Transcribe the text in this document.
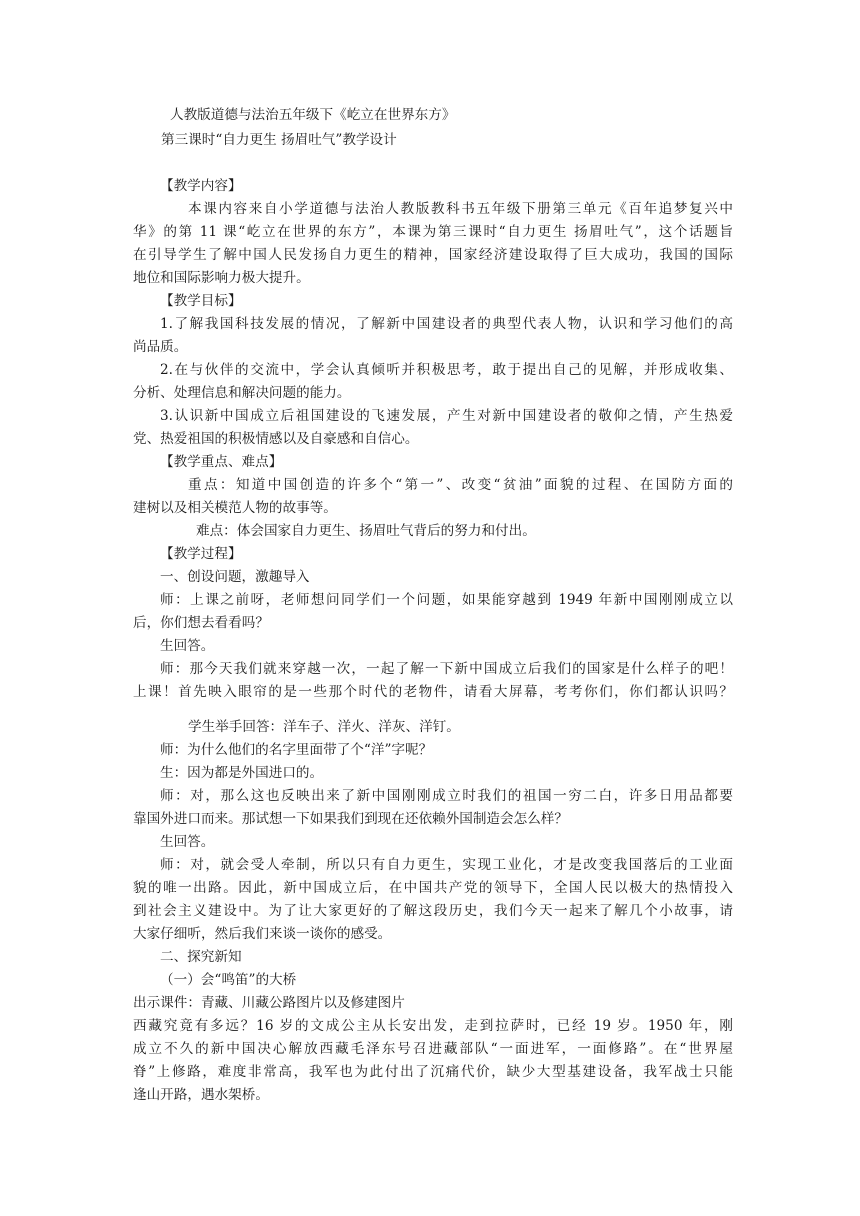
人教版道德与法治五年级下《屹立在世界东方》
第三课时“自力更生 扬眉吐气”教学设计
【教学内容】
本课内容来自小学道德与法治人教版教科书五年级下册第三单元《百年追梦复兴中
华》的第 11 课“屹立在世界的东方”，本课为第三课时“自力更生 扬眉吐气”，这个话题旨
在引导学生了解中国人民发扬自力更生的精神，国家经济建设取得了巨大成功，我国的国际
地位和国际影响力极大提升。
【教学目标】
1.了解我国科技发展的情况，了解新中国建设者的典型代表人物，认识和学习他们的高
尚品质。
2.在与伙伴的交流中，学会认真倾听并积极思考，敢于提出自己的见解，并形成收集、
分析、处理信息和解决问题的能力。
3.认识新中国成立后祖国建设的飞速发展，产生对新中国建设者的敬仰之情，产生热爱
党、热爱祖国的积极情感以及自豪感和自信心。
【教学重点、难点】
重点：知道中国创造的许多个“第一”、改变“贫油”面貌的过程、在国防方面的
建树以及相关模范人物的故事等。
难点：体会国家自力更生、扬眉吐气背后的努力和付出。
【教学过程】
一、创设问题，激趣导入
师：上课之前呀，老师想问同学们一个问题，如果能穿越到 1949 年新中国刚刚成立以
后，你们想去看看吗？
生回答。
师：那今天我们就来穿越一次，一起了解一下新中国成立后我们的国家是什么样子的吧！
上课！首先映入眼帘的是一些那个时代的老物件，请看大屏幕，考考你们，你们都认识吗？
学生举手回答：洋车子、洋火、洋灰、洋钉。
师：为什么他们的名字里面带了个“洋”字呢？
生：因为都是外国进口的。
师：对，那么这也反映出来了新中国刚刚成立时我们的祖国一穷二白，许多日用品都要
靠国外进口而来。那试想一下如果我们到现在还依赖外国制造会怎么样？
生回答。
师：对，就会受人牵制，所以只有自力更生，实现工业化，才是改变我国落后的工业面
貌的唯一出路。因此，新中国成立后，在中国共产党的领导下，全国人民以极大的热情投入
到社会主义建设中。为了让大家更好的了解这段历史，我们今天一起来了解几个小故事，请
大家仔细听，然后我们来谈一谈你的感受。
二、探究新知
（一）会“鸣笛”的大桥
出示课件：青藏、川藏公路图片以及修建图片
西藏究竟有多远？16 岁的文成公主从长安出发，走到拉萨时，已经 19 岁。1950 年，刚
成立不久的新中国决心解放西藏毛泽东号召进藏部队“一面进军，一面修路”。在“世界屋
脊”上修路，难度非常高，我军也为此付出了沉痛代价，缺少大型基建设备，我军战士只能
逢山开路，遇水架桥。
